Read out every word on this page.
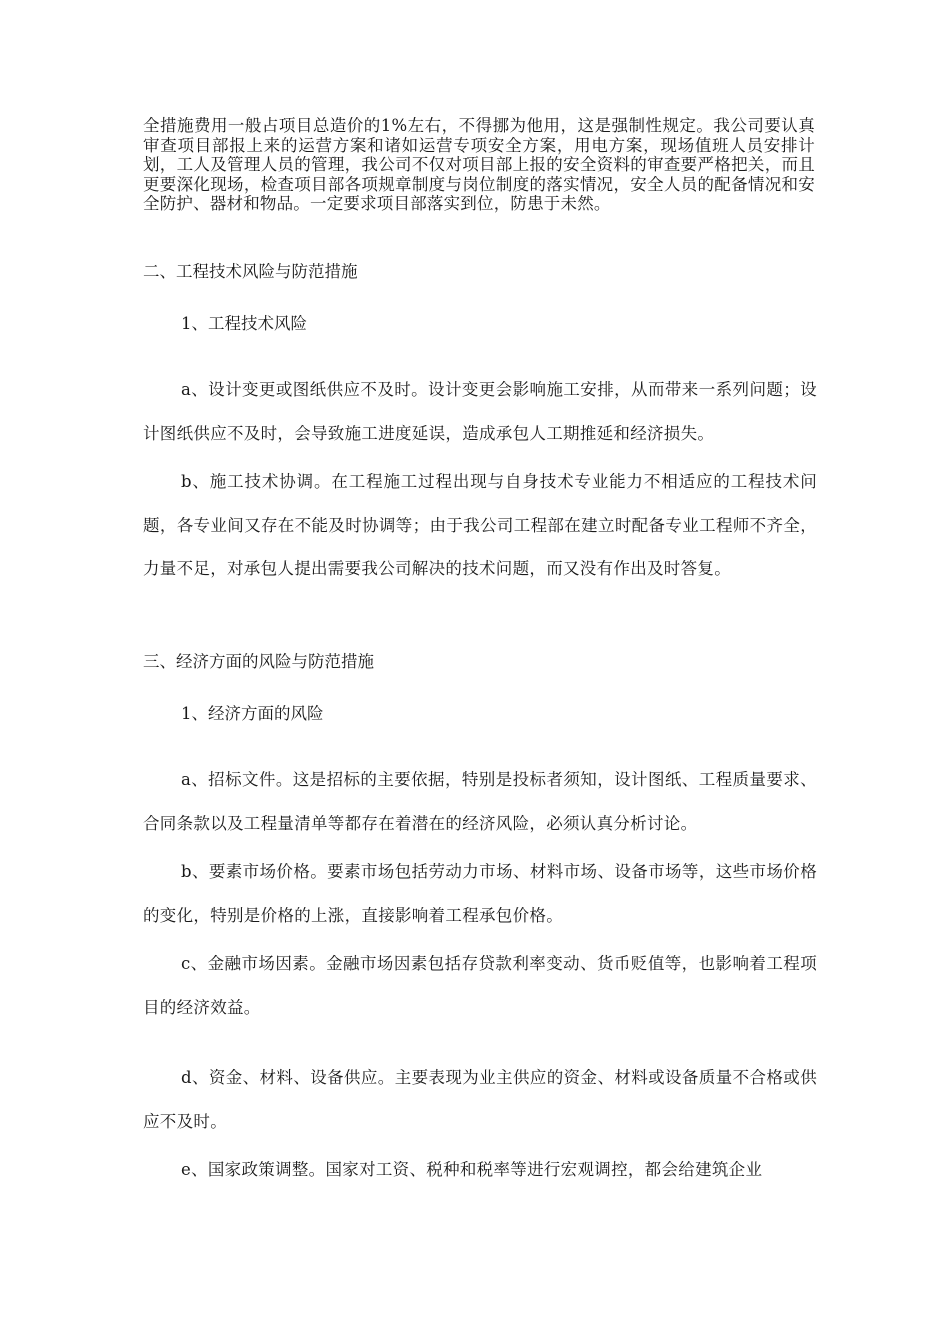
全措施费用一般占项目总造价的1%左右，不得挪为他用，这是强制性规定。我公司要认真审查项目部报上来的运营方案和诸如运营专项安全方案，用电方案，现场值班人员安排计划，工人及管理人员的管理，我公司不仅对项目部上报的安全资料的审查要严格把关，而且更要深化现场，检查项目部各项规章制度与岗位制度的落实情况，安全人员的配备情况和安全防护、器材和物品。一定要求项目部落实到位，防患于未然。
二、工程技术风险与防范措施
1、工程技术风险
a、设计变更或图纸供应不及时。设计变更会影响施工安排，从而带来一系列问题；设计图纸供应不及时，会导致施工进度延误，造成承包人工期推延和经济损失。
b、施工技术协调。在工程施工过程出现与自身技术专业能力不相适应的工程技术问题，各专业间又存在不能及时协调等；由于我公司工程部在建立时配备专业工程师不齐全，力量不足，对承包人提出需要我公司解决的技术问题，而又没有作出及时答复。
三、经济方面的风险与防范措施
1、经济方面的风险
a、招标文件。这是招标的主要依据，特别是投标者须知，设计图纸、工程质量要求、合同条款以及工程量清单等都存在着潜在的经济风险，必须认真分析讨论。
b、要素市场价格。要素市场包括劳动力市场、材料市场、设备市场等，这些市场价格的变化，特别是价格的上涨，直接影响着工程承包价格。
c、金融市场因素。金融市场因素包括存贷款利率变动、货币贬值等，也影响着工程项目的经济效益。
d、资金、材料、设备供应。主要表现为业主供应的资金、材料或设备质量不合格或供应不及时。
e、国家政策调整。国家对工资、税种和税率等进行宏观调控，都会给建筑企业
